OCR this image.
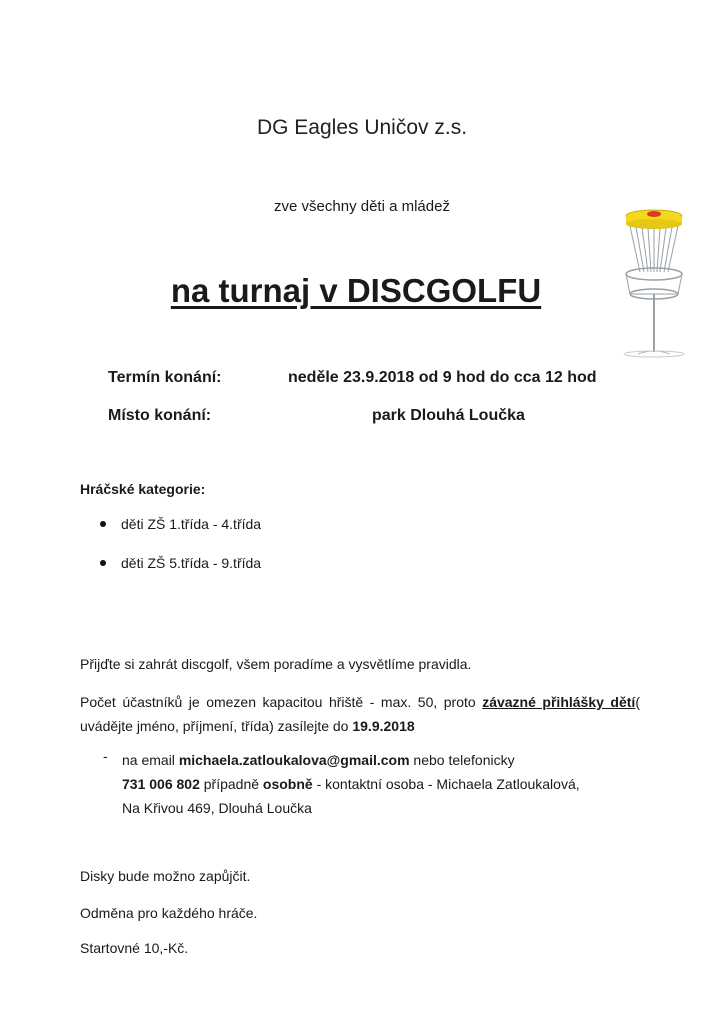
DG Eagles Uničov z.s.
zve všechny děti a mládež
na turnaj v DISCGOLFU
Termín konání:	neděle 23.9.2018 od 9 hod do cca 12 hod
Místo konání:	park Dlouhá Loučka
Hráčské kategorie:
děti ZŠ 1.třída - 4.třída
děti ZŠ 5.třída - 9.třída
Přijďte si zahrát discgolf, všem poradíme a vysvětlíme pravidla.
Počet účastníků je omezen kapacitou hřiště - max. 50, proto závazné přihlášky dětí( uvádějte jméno, příjmení, třída) zasílejte do 19.9.2018
- na email michaela.zatloukalova@gmail.com nebo telefonicky
731 006 802 případně osobně - kontaktní osoba - Michaela Zatloukalová,
Na Křivou 469, Dlouhá Loučka
Disky bude možno zapůjčit.
Odměna pro každého hráče.
Startovné 10,-Kč.
